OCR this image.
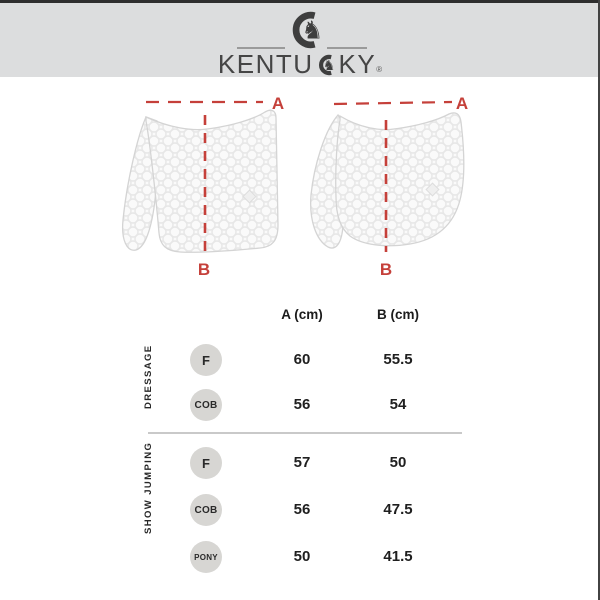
♞
KENTU ♞ KY®
A
B
A
B
A (cm)	B (cm)
DRESSAGE	F	60	55.5
COB	56	54
SHOW JUMPING	F	57	50
COB	56	47.5
PONY	50	41.5
